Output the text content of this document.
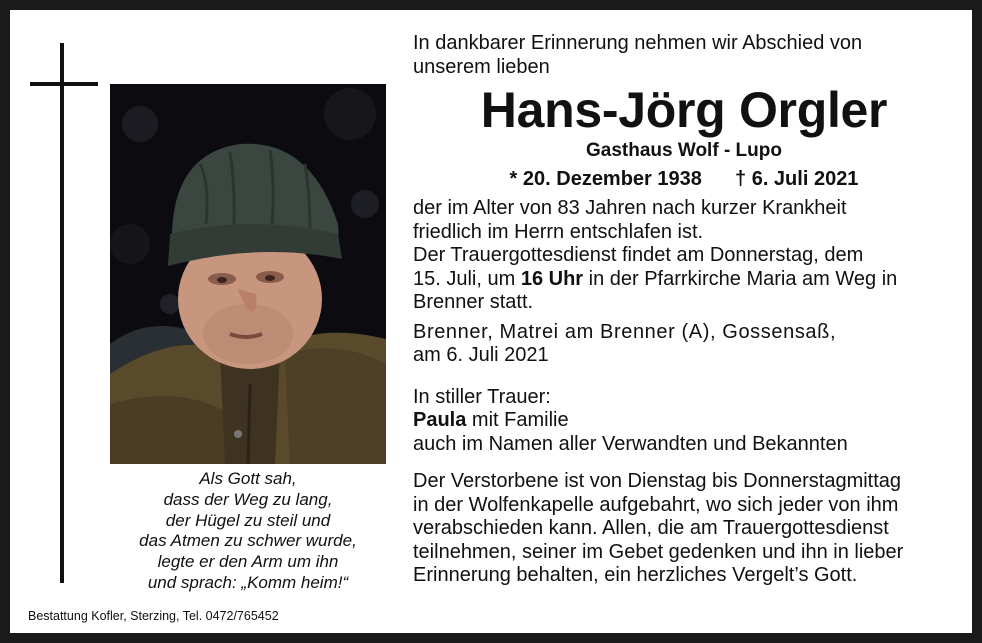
Als Gott sah,
dass der Weg zu lang,
der Hügel zu steil und
das Atmen zu schwer wurde,
legte er den Arm um ihn
und sprach: „Komm heim!“
Bestattung Kofler, Sterzing, Tel. 0472/765452
In dankbarer Erinnerung nehmen wir Abschied von
unserem lieben
Hans-Jörg Orgler
Gasthaus Wolf - Lupo
* 20. Dezember 1938 † 6. Juli 2021
der im Alter von 83 Jahren nach kurzer Krankheit
friedlich im Herrn entschlafen ist.
Der Trauergottesdienst findet am Donnerstag, dem
15. Juli, um 16 Uhr in der Pfarrkirche Maria am Weg in
Brenner statt.
Brenner, Matrei am Brenner (A), Gossensaß,
am 6. Juli 2021
In stiller Trauer:
Paula mit Familie
auch im Namen aller Verwandten und Bekannten
Der Verstorbene ist von Dienstag bis Donnerstagmittag
in der Wolfenkapelle aufgebahrt, wo sich jeder von ihm
verabschieden kann. Allen, die am Trauergottesdienst
teilnehmen, seiner im Gebet gedenken und ihn in lieber
Erinnerung behalten, ein herzliches Vergelt’s Gott.
